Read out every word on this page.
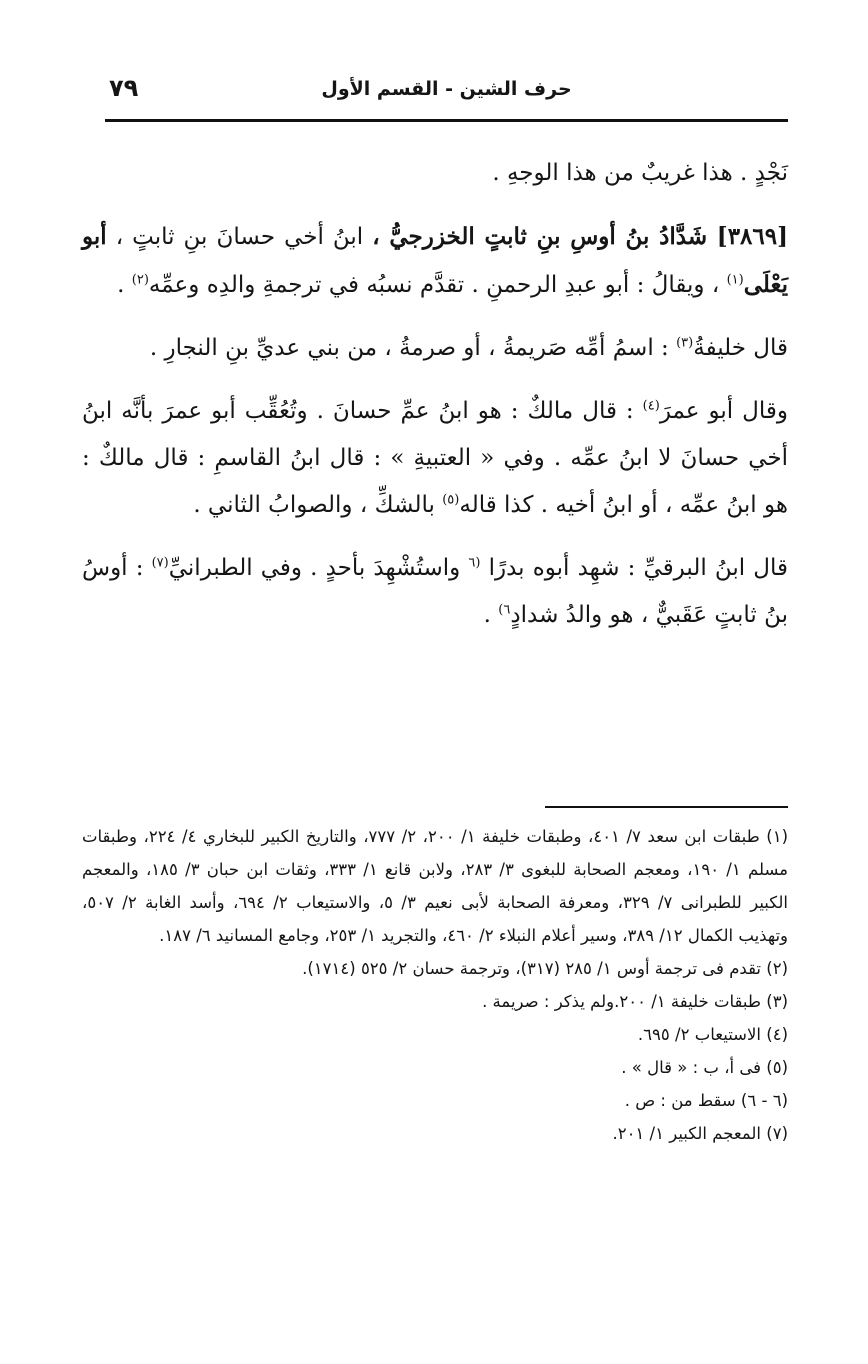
حرف الشين - القسم الأول
٧٩

نَجْدٍ . هذا غريبٌ من هذا الوجهِ .

[٣٨٦٩] شَدَّادُ بنُ أوسِ بنِ ثابتٍ الخزرجيُّ ، ابنُ أخي حسانَ بنِ ثابتٍ ، أبو يَعْلَى$^{(١)}$ ، ويقالُ : أبو عبدِ الرحمنِ . تقدَّم نسبُه في ترجمةِ والدِه وعمِّه$^{(٢)}$ .

قال خليفةُ$^{(٣)}$ : اسمُ أمِّه صَريمةُ ، أو صرمةُ ، من بني عديِّ بنِ النجارِ .

وقال أبو عمرَ$^{(٤)}$ : قال مالكٌ : هو ابنُ عمِّ حسانَ . وتُعُقِّب أبو عمرَ بأنَّه ابنُ أخي حسانَ لا ابنُ عمِّه . وفي « العتبيةِ » : قال ابنُ القاسمِ : قال مالكٌ : هو ابنُ عمِّه ، أو ابنُ أخيه . كذا قاله$^{(٥)}$ بالشكِّ ، والصوابُ الثاني .

قال ابنُ البرقيِّ : شهِد أبوه بدرًا $^{(٦}$ واستُشْهِدَ بأحدٍ . وفي الطبرانيِّ$^{(٧)}$ : أوسُ بنُ ثابتٍ عَقَبيٌّ ، هو والدُ شدادٍ$^{٦)}$ .

(١) طبقات ابن سعد ٧/ ٤٠١، وطبقات خليفة ١/ ٢٠٠، ٢/ ٧٧٧، والتاريخ الكبير للبخاري ٤/ ٢٢٤، وطبقات مسلم ١/ ١٩٠، ومعجم الصحابة للبغوى ٣/ ٢٨٣، ولابن قانع ١/ ٣٣٣، وثقات ابن حبان ٣/ ١٨٥، والمعجم الكبير للطبرانى ٧/ ٣٢٩، ومعرفة الصحابة لأبى نعيم ٣/ ٥، والاستيعاب ٢/ ٦٩٤، وأسد الغابة ٢/ ٥٠٧، وتهذيب الكمال ١٢/ ٣٨٩، وسير أعلام النبلاء ٢/ ٤٦٠، والتجريد ١/ ٢٥٣، وجامع المسانيد ٦/ ١٨٧.

(٢) تقدم فى ترجمة أوس ١/ ٢٨٥ (٣١٧)، وترجمة حسان ٢/ ٥٢٥ (١٧١٤).

(٣) طبقات خليفة ١/ ٢٠٠.ولم يذكر : صريمة .

(٤) الاستيعاب ٢/ ٦٩٥.

(٥) فى أ، ب : « قال » .

(٦ - ٦) سقط من : ص .

(٧) المعجم الكبير ١/ ٢٠١.
